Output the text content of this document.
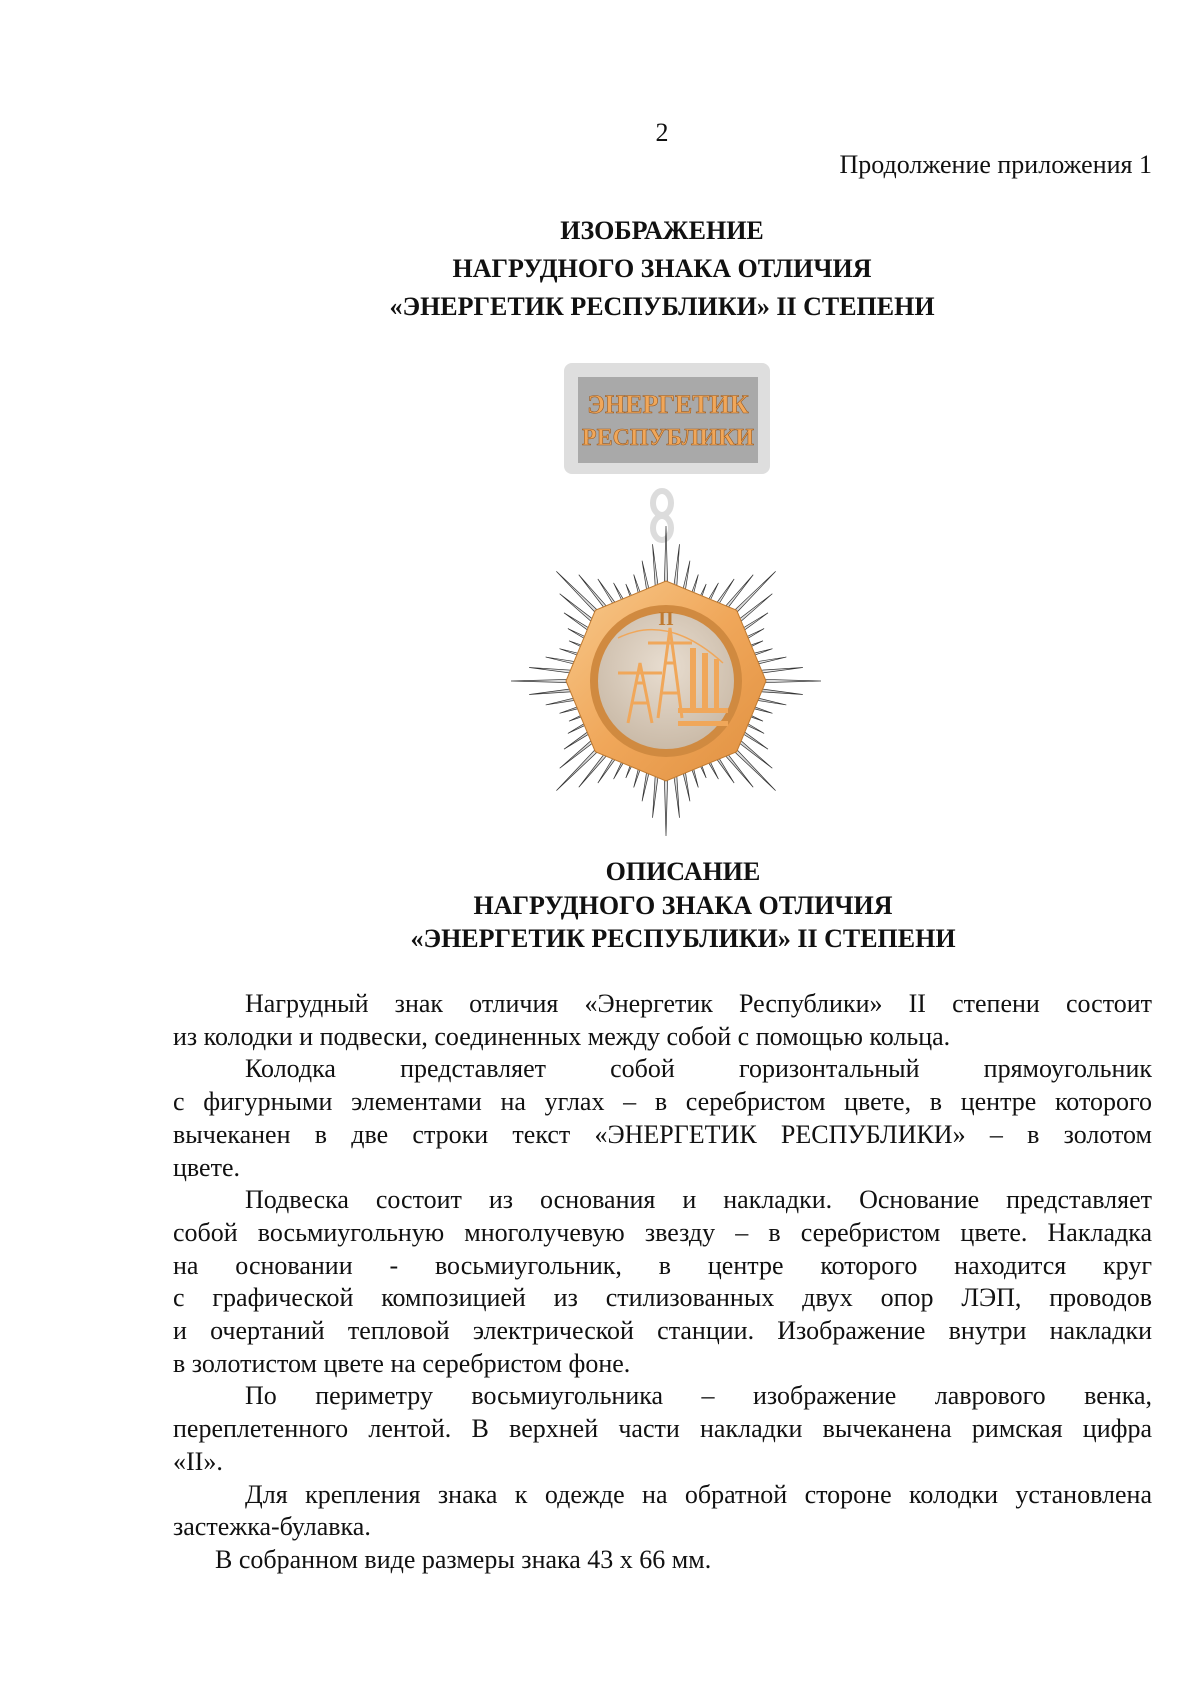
2
Продолжение приложения 1
ИЗОБРАЖЕНИЕ
НАГРУДНОГО ЗНАКА ОТЛИЧИЯ
«ЭНЕРГЕТИК РЕСПУБЛИКИ» II СТЕПЕНИ
ЭНЕРГЕТИК
РЕСПУБЛИКИ
II
ОПИСАНИЕ
НАГРУДНОГО ЗНАКА ОТЛИЧИЯ
«ЭНЕРГЕТИК РЕСПУБЛИКИ» II СТЕПЕНИ
Нагрудный знак отличия «Энергетик Республики» II степени состоит
из колодки и подвески, соединенных между собой с помощью кольца.
Колодка представляет собой горизонтальный прямоугольник
с фигурными элементами на углах – в серебристом цвете, в центре которого
вычеканен в две строки текст «ЭНЕРГЕТИК РЕСПУБЛИКИ» – в золотом
цвете.
Подвеска состоит из основания и накладки. Основание представляет
собой восьмиугольную многолучевую звезду – в серебристом цвете. Накладка
на основании - восьмиугольник, в центре которого находится круг
с графической композицией из стилизованных двух опор ЛЭП, проводов
и очертаний тепловой электрической станции. Изображение внутри накладки
в золотистом цвете на серебристом фоне.
По периметру восьмиугольника – изображение лаврового венка,
переплетенного лентой. В верхней части накладки вычеканена римская цифра
«II».
Для крепления знака к одежде на обратной стороне колодки установлена
застежка-булавка.
В собранном виде размеры знака 43 х 66 мм.
